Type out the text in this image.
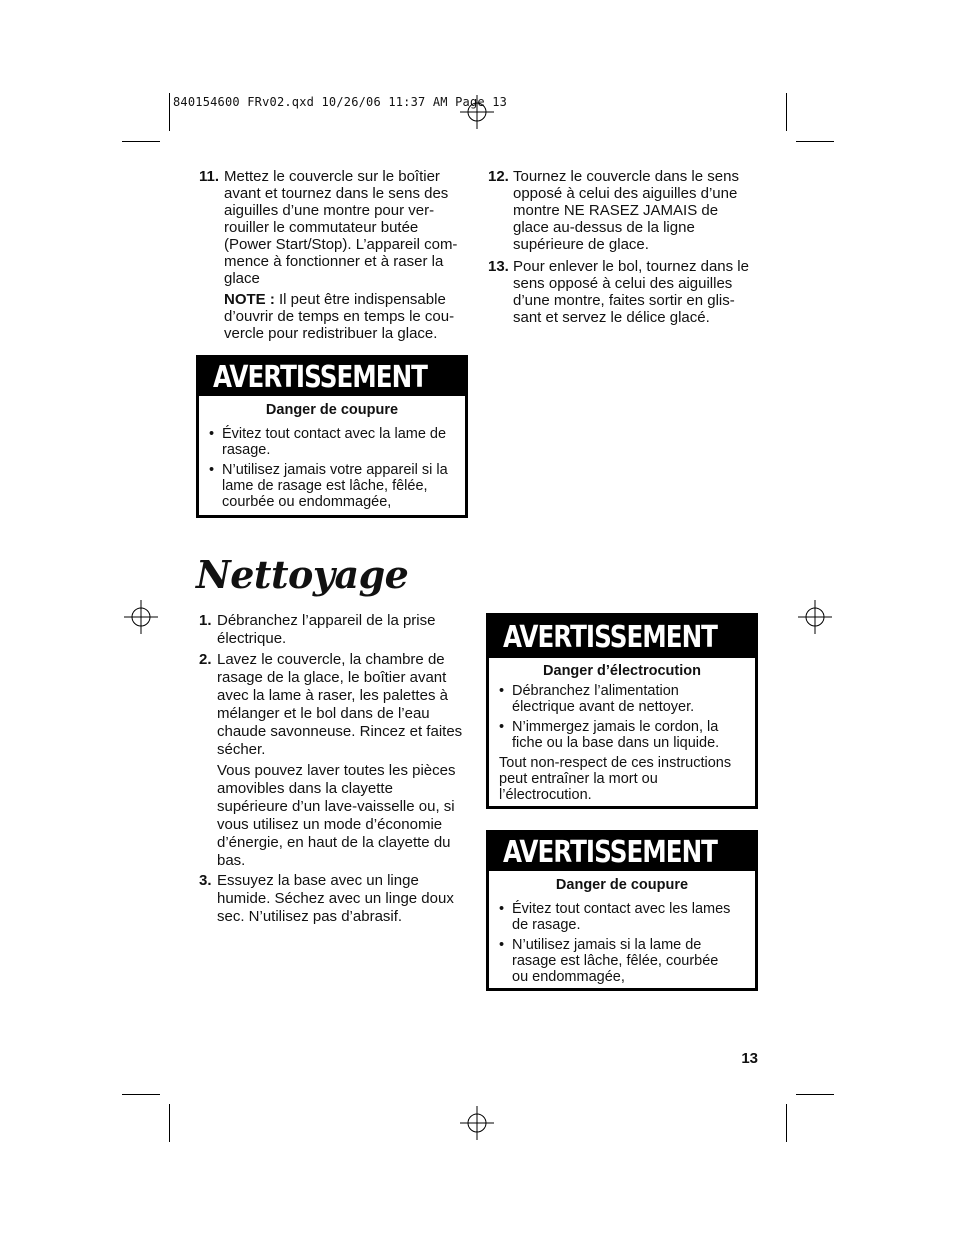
840154600 FRv02.qxd 10/26/06 11:37 AM Page 13
11. Mettez le couvercle sur le boîtier

avant et tournez dans le sens des

aiguilles d’une montre pour ver-

rouiller le commutateur butée

(Power Start/Stop). L’appareil com-

mence à fonctionner et à raser la

glace

NOTE : Il peut être indispensable

d’ouvrir de temps en temps le cou-

vercle pour redistribuer la glace.

12. Tournez le couvercle dans le sens

opposé à celui des aiguilles d’une

montre NE RASEZ JAMAIS de

glace au-dessus de la ligne

supérieure de glace.

13. Pour enlever le bol, tournez dans le

sens opposé à celui des aiguilles

d’une montre, faites sortir en glis-

sant et servez le délice glacé.

AVERTISSEMENT

Danger de coupure

• Évitez tout contact avec la lame de
rasage.
• N’utilisez jamais votre appareil si la
lame de rasage est lâche, fêlée,
courbée ou endommagée,
Nettoyage
1. Débranchez l’appareil de la prise

électrique.

2. Lavez le couvercle, la chambre de

rasage de la glace, le boîtier avant

avec la lame à raser, les palettes à

mélanger et le bol dans de l’eau

chaude savonneuse. Rincez et faites

sécher.

Vous pouvez laver toutes les pièces

amovibles dans la clayette

supérieure d’un lave-vaisselle ou, si

vous utilisez un mode d’économie

d’énergie, en haut de la clayette du

bas.

3. Essuyez la base avec un linge

humide. Séchez avec un linge doux

sec. N’utilisez pas d’abrasif.

AVERTISSEMENT

Danger d’électrocution

• Débranchez l’alimentation
électrique avant de nettoyer.
• N’immergez jamais le cordon, la
fiche ou la base dans un liquide.

Tout non-respect de ces instructions
peut entraîner la mort ou
l’électrocution.

AVERTISSEMENT

Danger de coupure

• Évitez tout contact avec les lames
de rasage.
• N’utilisez jamais si la lame de
rasage est lâche, fêlée, courbée
ou endommagée,
13
